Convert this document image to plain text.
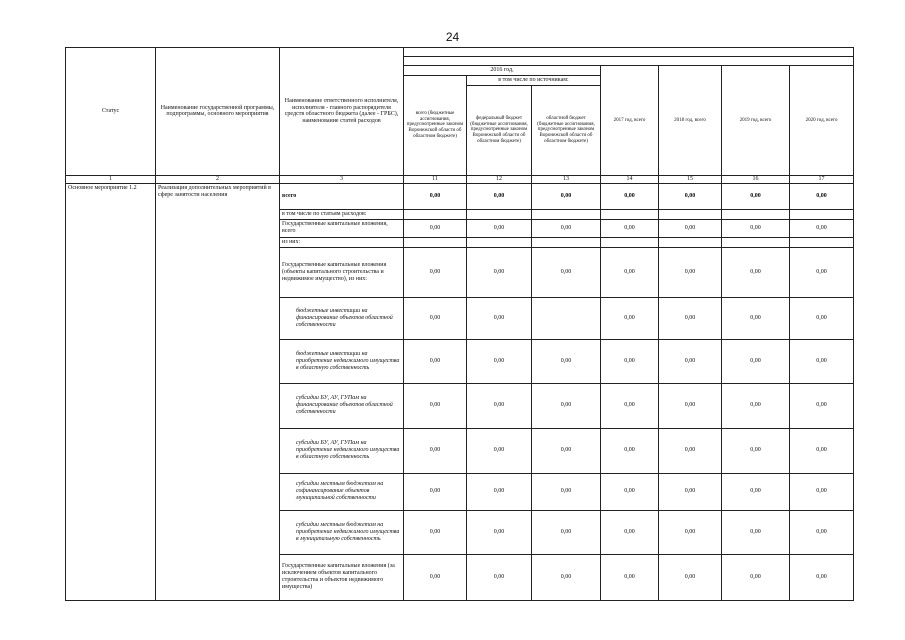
24
Статус	Наименование государственной программы, подпрограммы, основного мероприятия	Наименование ответственного исполнителя, исполнителя - главного распорядителя средств областного бюджета (далее - ГРБС), наименование статей расходов							

			2016 год,			2017 год, всего	2018 год, всего	2019 год, всего	2020 год, всего
			всего (бюджетные ассигнования, предусмотренные законом Воронежской области об областном бюджете)	в том числе по источникам:					
				федеральный бюджет (бюджетные ассигнования, предусмотренные законом Воронежской области об областном бюджете)	областной бюджет (бюджетные ассигнования, предусмотренные законом Воронежской области об областном бюджете)				
1	2	3	11	12	13	14	15	16	17
Основное мероприятие 1.2	Реализация дополнительных мероприятий в сфере занятости населения	всего	0,00	0,00	0,00	0,00	0,00	0,00	0,00
		в том числе по статьям расходов:							
		Государственные капитальные вложения, всего	0,00	0,00	0,00	0,00	0,00	0,00	0,00
		из них:							
		Государственные капитальные вложения (объекты капитального строительства и недвижимое имущество), из них:	0,00	0,00	0,00	0,00	0,00	0,00	0,00
		бюджетные инвестиции на финансирование объектов областной собственности	0,00	0,00		0,00	0,00	0,00	0,00
		бюджетные инвестиции на приобретение недвижимого имущества в областную собственность	0,00	0,00	0,00	0,00	0,00	0,00	0,00
		субсидии БУ, АУ, ГУПам на финансирование объектов областной собственности	0,00	0,00	0,00	0,00	0,00	0,00	0,00
		субсидии БУ, АУ, ГУПам на приобретение недвижимого имущества в областную собственность	0,00	0,00	0,00	0,00	0,00	0,00	0,00
		субсидии местным бюджетам на софинансирование объектов муниципальной собственности	0,00	0,00	0,00	0,00	0,00	0,00	0,00
		субсидии местным бюджетам на приобретение недвижимого имущества в муниципальную собственность	0,00	0,00	0,00	0,00	0,00	0,00	0,00
		Государственные капитальные вложения (за исключением объектов капитального строительства и объектов недвижимого имущества)	0,00	0,00	0,00	0,00	0,00	0,00	0,00
